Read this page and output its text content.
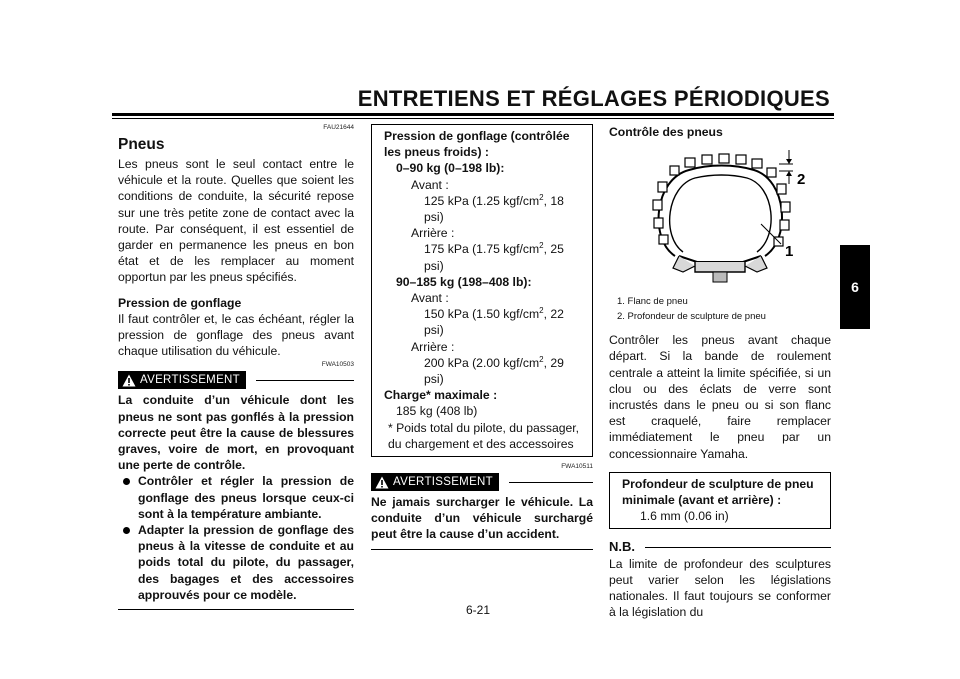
ENTRETIENS ET RÉGLAGES PÉRIODIQUES
6
6-21
FAU21644
Pneus

Les pneus sont le seul contact entre le véhicule et la route. Quelles que soient les conditions de conduite, la sécurité repose sur une très petite zone de contact avec la route. Par conséquent, il est essentiel de garder en permanence les pneus en bon état et de les remplacer au moment opportun par les pneus spécifiés.

Pression de gonflage

Il faut contrôler et, le cas échéant, régler la pression de gonflage des pneus avant chaque utilisation du véhicule.

FWA10503
AVERTISSEMENT
La conduite d’un véhicule dont les pneus ne sont pas gonflés à la pression correcte peut être la cause de blessures graves, voire de mort, en provoquant une perte de contrôle.
Contrôler et régler la pression de gonflage des pneus lorsque ceux-ci sont à la température ambiante.
Adapter la pression de gonflage des pneus à la vitesse de conduite et au poids total du pilote, du passager, des bagages et des accessoires approuvés pour ce modèle.
Pression de gonflage (contrôlée les pneus froids) :
0–90 kg (0–198 lb):
Avant :
125 kPa (1.25 kgf/$cm^2$, 18 psi)
Arrière :
175 kPa (1.75 kgf/$cm^2$, 25 psi)
90–185 kg (198–408 lb):
Avant :
150 kPa (1.50 kgf/$cm^2$, 22 psi)
Arrière :
200 kPa (2.00 kgf/$cm^2$, 29 psi)
Charge* maximale :
185 kg (408 lb)
* Poids total du pilote, du passager, du chargement et des accessoires
FWA10511
AVERTISSEMENT
Ne jamais surcharger le véhicule. La conduite d’un véhicule surchargé peut être la cause d’un accident.
Contrôle des pneus
2
1
1. Flanc de pneu
2. Profondeur de sculpture de pneu

Contrôler les pneus avant chaque départ. Si la bande de roulement centrale a atteint la limite spécifiée, si un clou ou des éclats de verre sont incrustés dans le pneu ou si son flanc est craquelé, faire remplacer immédiatement le pneu par un concessionnaire Yamaha.

Profondeur de sculpture de pneu minimale (avant et arrière) :
1.6 mm (0.06 in)
N.B.

La limite de profondeur des sculptures peut varier selon les législations nationales. Il faut toujours se conformer à la législation du
